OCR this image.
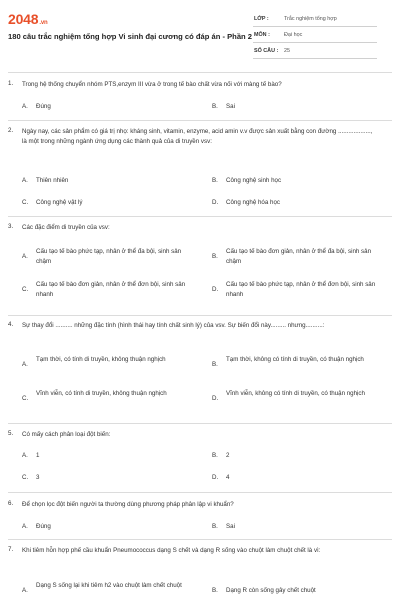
2048.vn
180 câu trắc nghiệm tổng hợp Vi sinh đại cương có đáp án - Phần 2
LỚP :	Trắc nghiệm tổng hợp
MÔN :	Đại học
SỐ CÂU : 25
1. Trong hệ thống chuyển nhóm PTS,enzym III vừa ở trong tế bào chất vừa nối với màng tế bào?
A. Đúng	B. Sai
2. Ngày nay, các sản phẩm có giá trị nhọ: kháng sinh, vitamin, enzyme, acid amin v.v được sản xuất bằng con đường ..................., là một trong những ngành ứng dụng các thành quả của di truyền vsv:
A. Thiên nhiên	B. Công nghệ sinh học
C. Công nghệ vật lý	D. Công nghệ hóa học
3. Các đặc điểm di truyền của vsv:
A.
Cấu tạo tế bào phức tạp, nhân ở thể đa bội, sinh sản chậm
B.
Cấu tạo tế bào đơn giản, nhân ở thể đa bội, sinh sản chậm
C.
Cấu tạo tế bào đơn giản, nhân ở thể đơn bội, sinh sản nhanh
D.
Cấu tạo tế bào phức tạp, nhân ở thể đơn bội, sinh sản nhanh
4. Sự thay đổi .......... những đặc tính (hình thái hay tính chất sinh lý) của vsv. Sự biến đổi này......... nhưng..........:
A.
Tạm thời, có tính di truyền, không thuận nghịch
B.
Tạm thời, không có tính di truyền, có thuận nghịch
C.
Vĩnh viễn, có tính di truyền, không thuận nghịch
D.
Vĩnh viễn, không có tính di truyền, có thuận nghịch
5. Có mấy cách phân loại đột biến:
A. 1	B. 2
C. 3	D. 4
6. Để chọn lọc đột biến người ta thường dùng phương pháp phân lập vi khuẩn?
A. Đúng	B. Sai
7. Khi tiêm hỗn hợp phế cầu khuẩn Pneumococcus dạng S chết và dạng R sống vào chuột làm chuột chết là vì:
A.
Dạng S sống lại khi tiêm h2 vào chuột làm chết chuột
B. Dạng R còn sống gây chết chuột
